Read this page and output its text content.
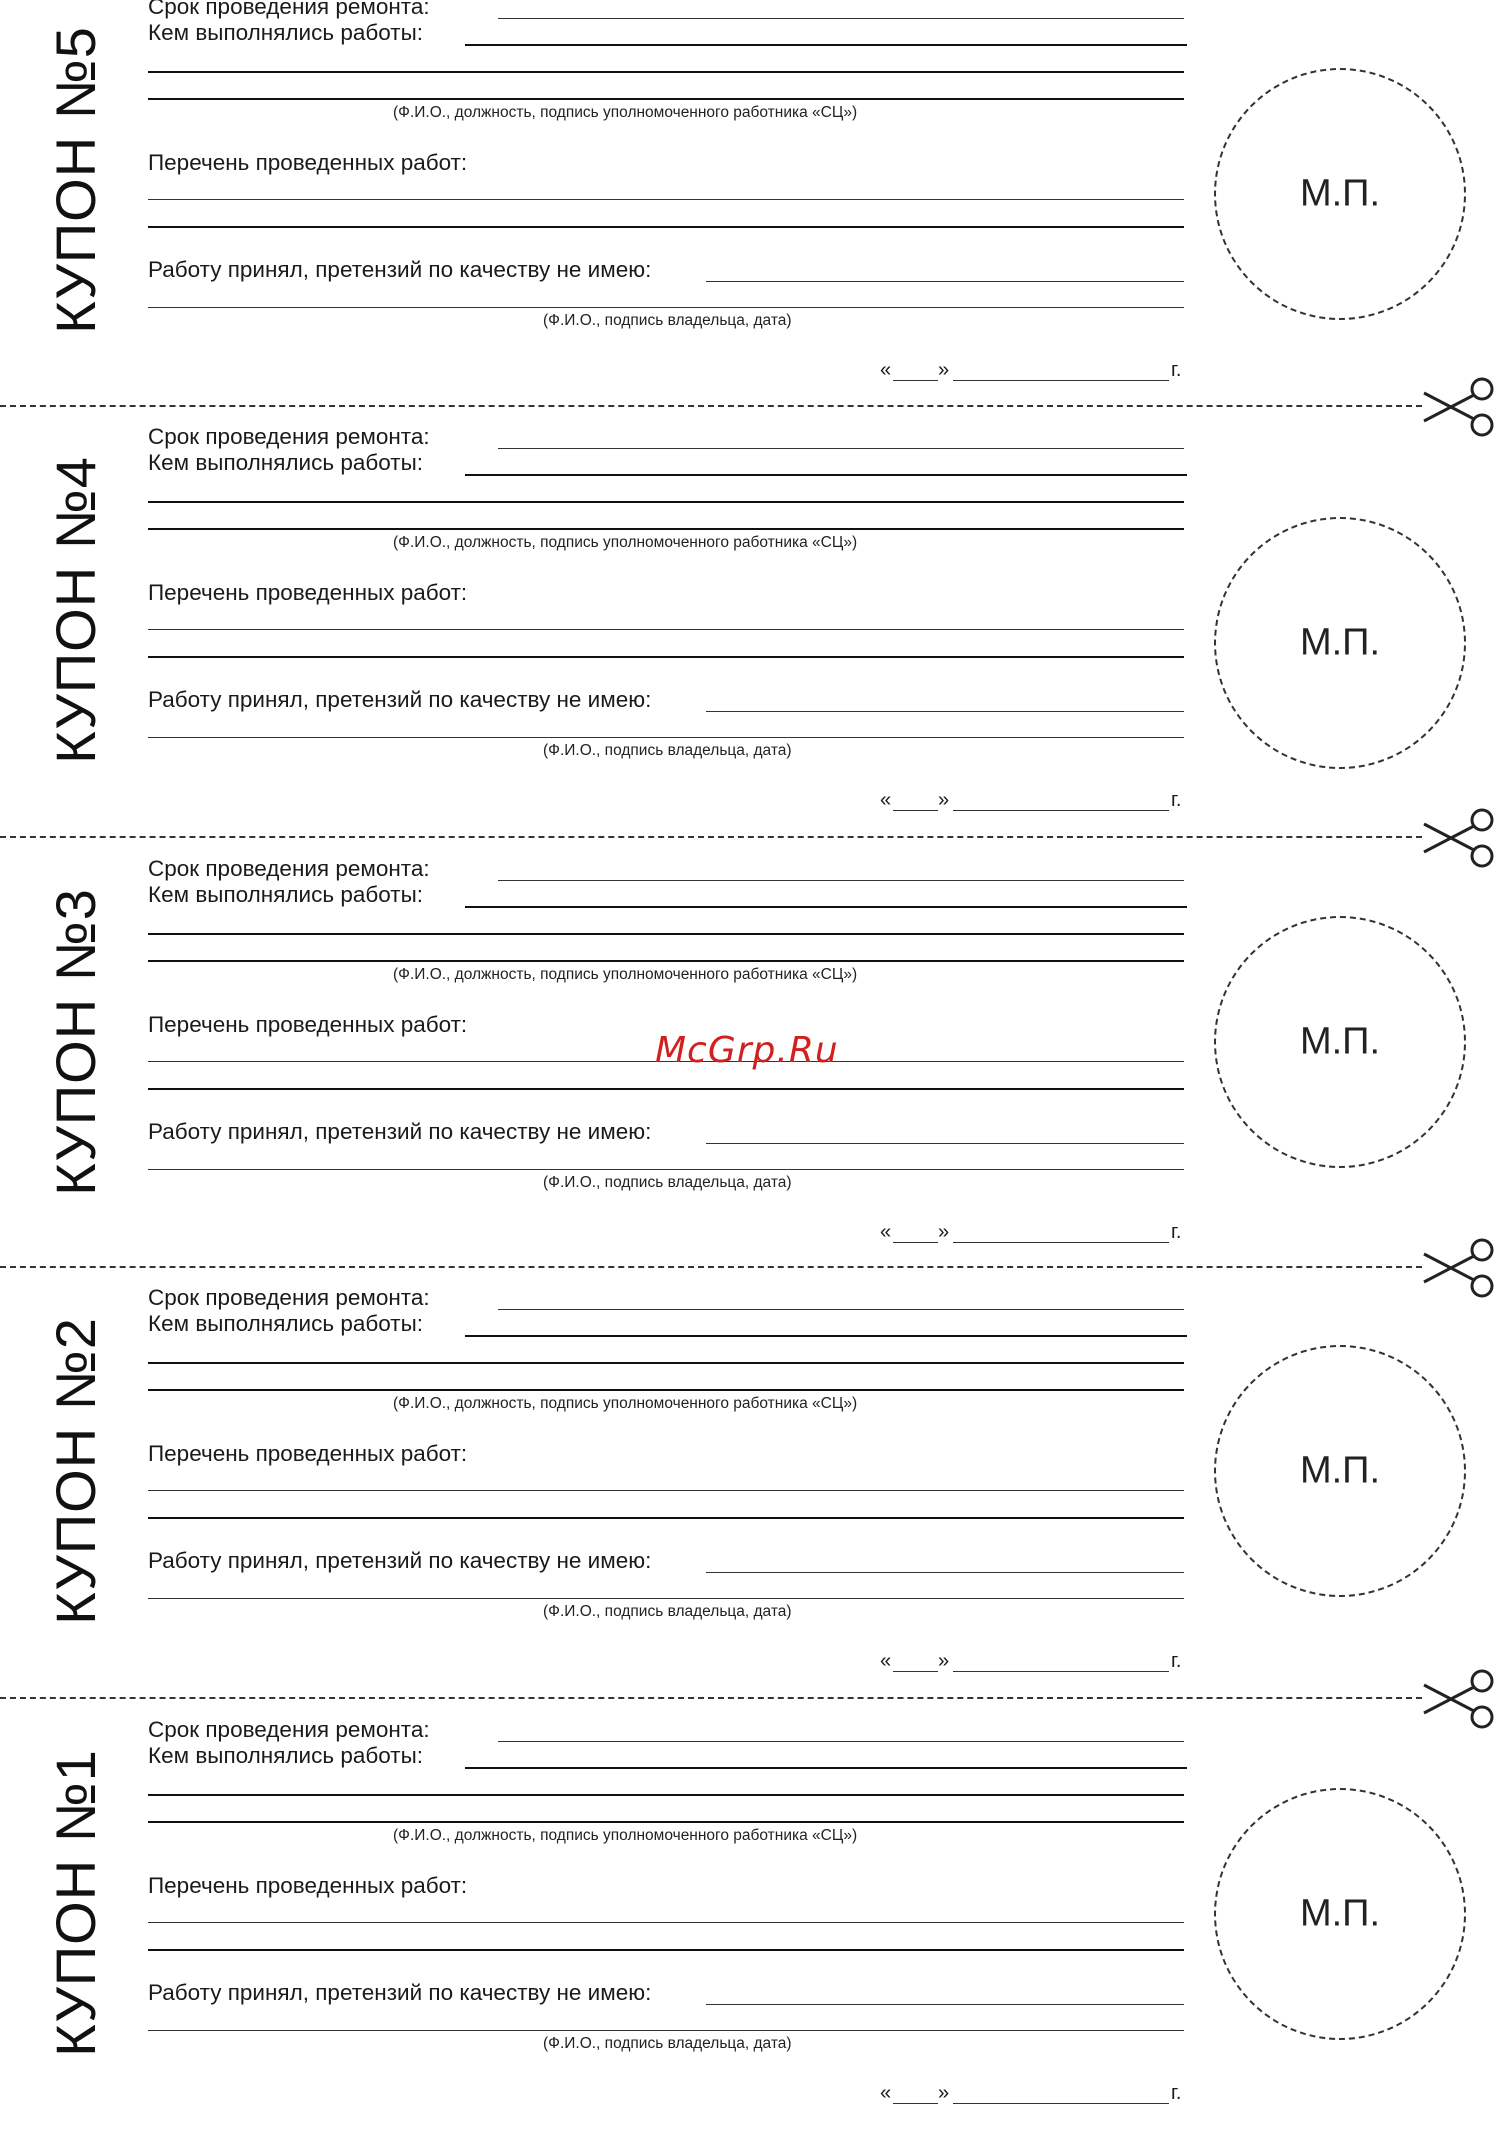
КУПОН №5
Срок проведения ремонта:
Кем выполнялись работы:
(Ф.И.О., должность, подпись уполномоченного работника «СЦ»)
Перечень проведенных работ:
Работу принял, претензий по качеству не имею:
(Ф.И.О., подпись владельца, дата)
« »	г.
М.П.
КУПОН №4
Срок проведения ремонта:
Кем выполнялись работы:
(Ф.И.О., должность, подпись уполномоченного работника «СЦ»)
Перечень проведенных работ:
Работу принял, претензий по качеству не имею:
(Ф.И.О., подпись владельца, дата)
« »	г.
М.П.
КУПОН №3
Срок проведения ремонта:
Кем выполнялись работы:
(Ф.И.О., должность, подпись уполномоченного работника «СЦ»)
Перечень проведенных работ:
Работу принял, претензий по качеству не имею:
(Ф.И.О., подпись владельца, дата)
« »	г.
М.П.
КУПОН №2
Срок проведения ремонта:
Кем выполнялись работы:
(Ф.И.О., должность, подпись уполномоченного работника «СЦ»)
Перечень проведенных работ:
Работу принял, претензий по качеству не имею:
(Ф.И.О., подпись владельца, дата)
« »	г.
М.П.
КУПОН №1
Срок проведения ремонта:
Кем выполнялись работы:
(Ф.И.О., должность, подпись уполномоченного работника «СЦ»)
Перечень проведенных работ:
Работу принял, претензий по качеству не имею:
(Ф.И.О., подпись владельца, дата)
« »	г.
М.П.
McGrp.Ru
